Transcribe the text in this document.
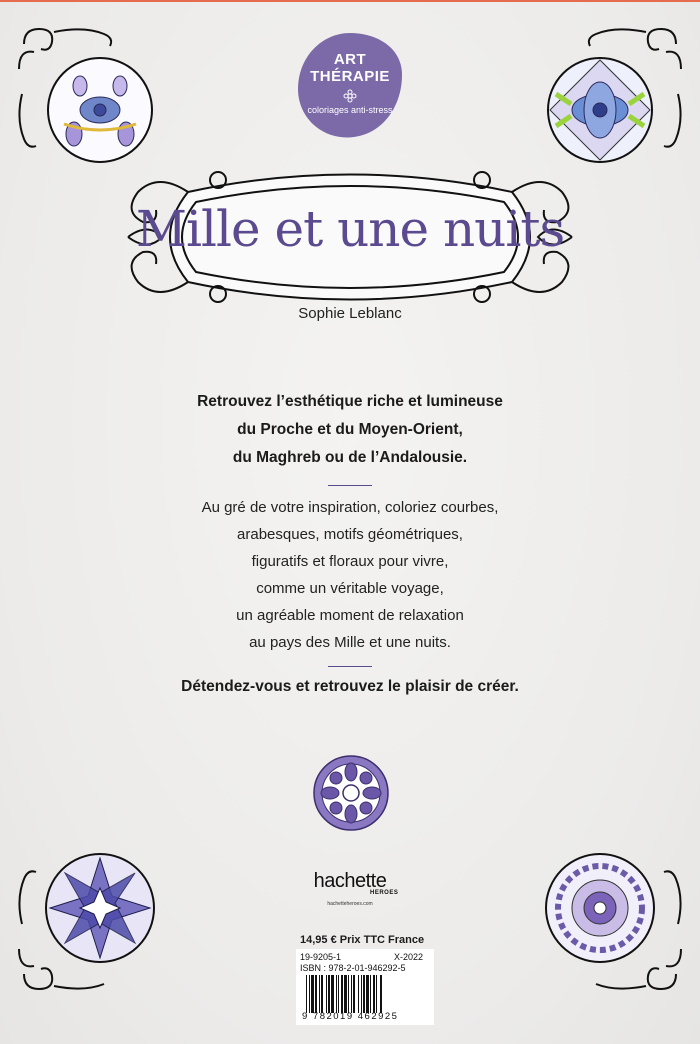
ART
THÉRAPIE
coloriages anti-stress
Mille et une nuits
Sophie Leblanc
Retrouvez l’esthétique riche et lumineuse
du Proche et du Moyen-Orient,
du Maghreb ou de l’Andalousie.
Au gré de votre inspiration, coloriez courbes,
arabesques, motifs géométriques,
figuratifs et floraux pour vivre,
comme un véritable voyage,
un agréable moment de relaxation
au pays des Mille et une nuits.
Détendez-vous et retrouvez le plaisir de créer.
hachette
HEROES
hachetteheroes.com
14,95 € Prix TTC France
19-9205-1	X-2022
ISBN : 978-2-01-946292-5
9 782019 462925
